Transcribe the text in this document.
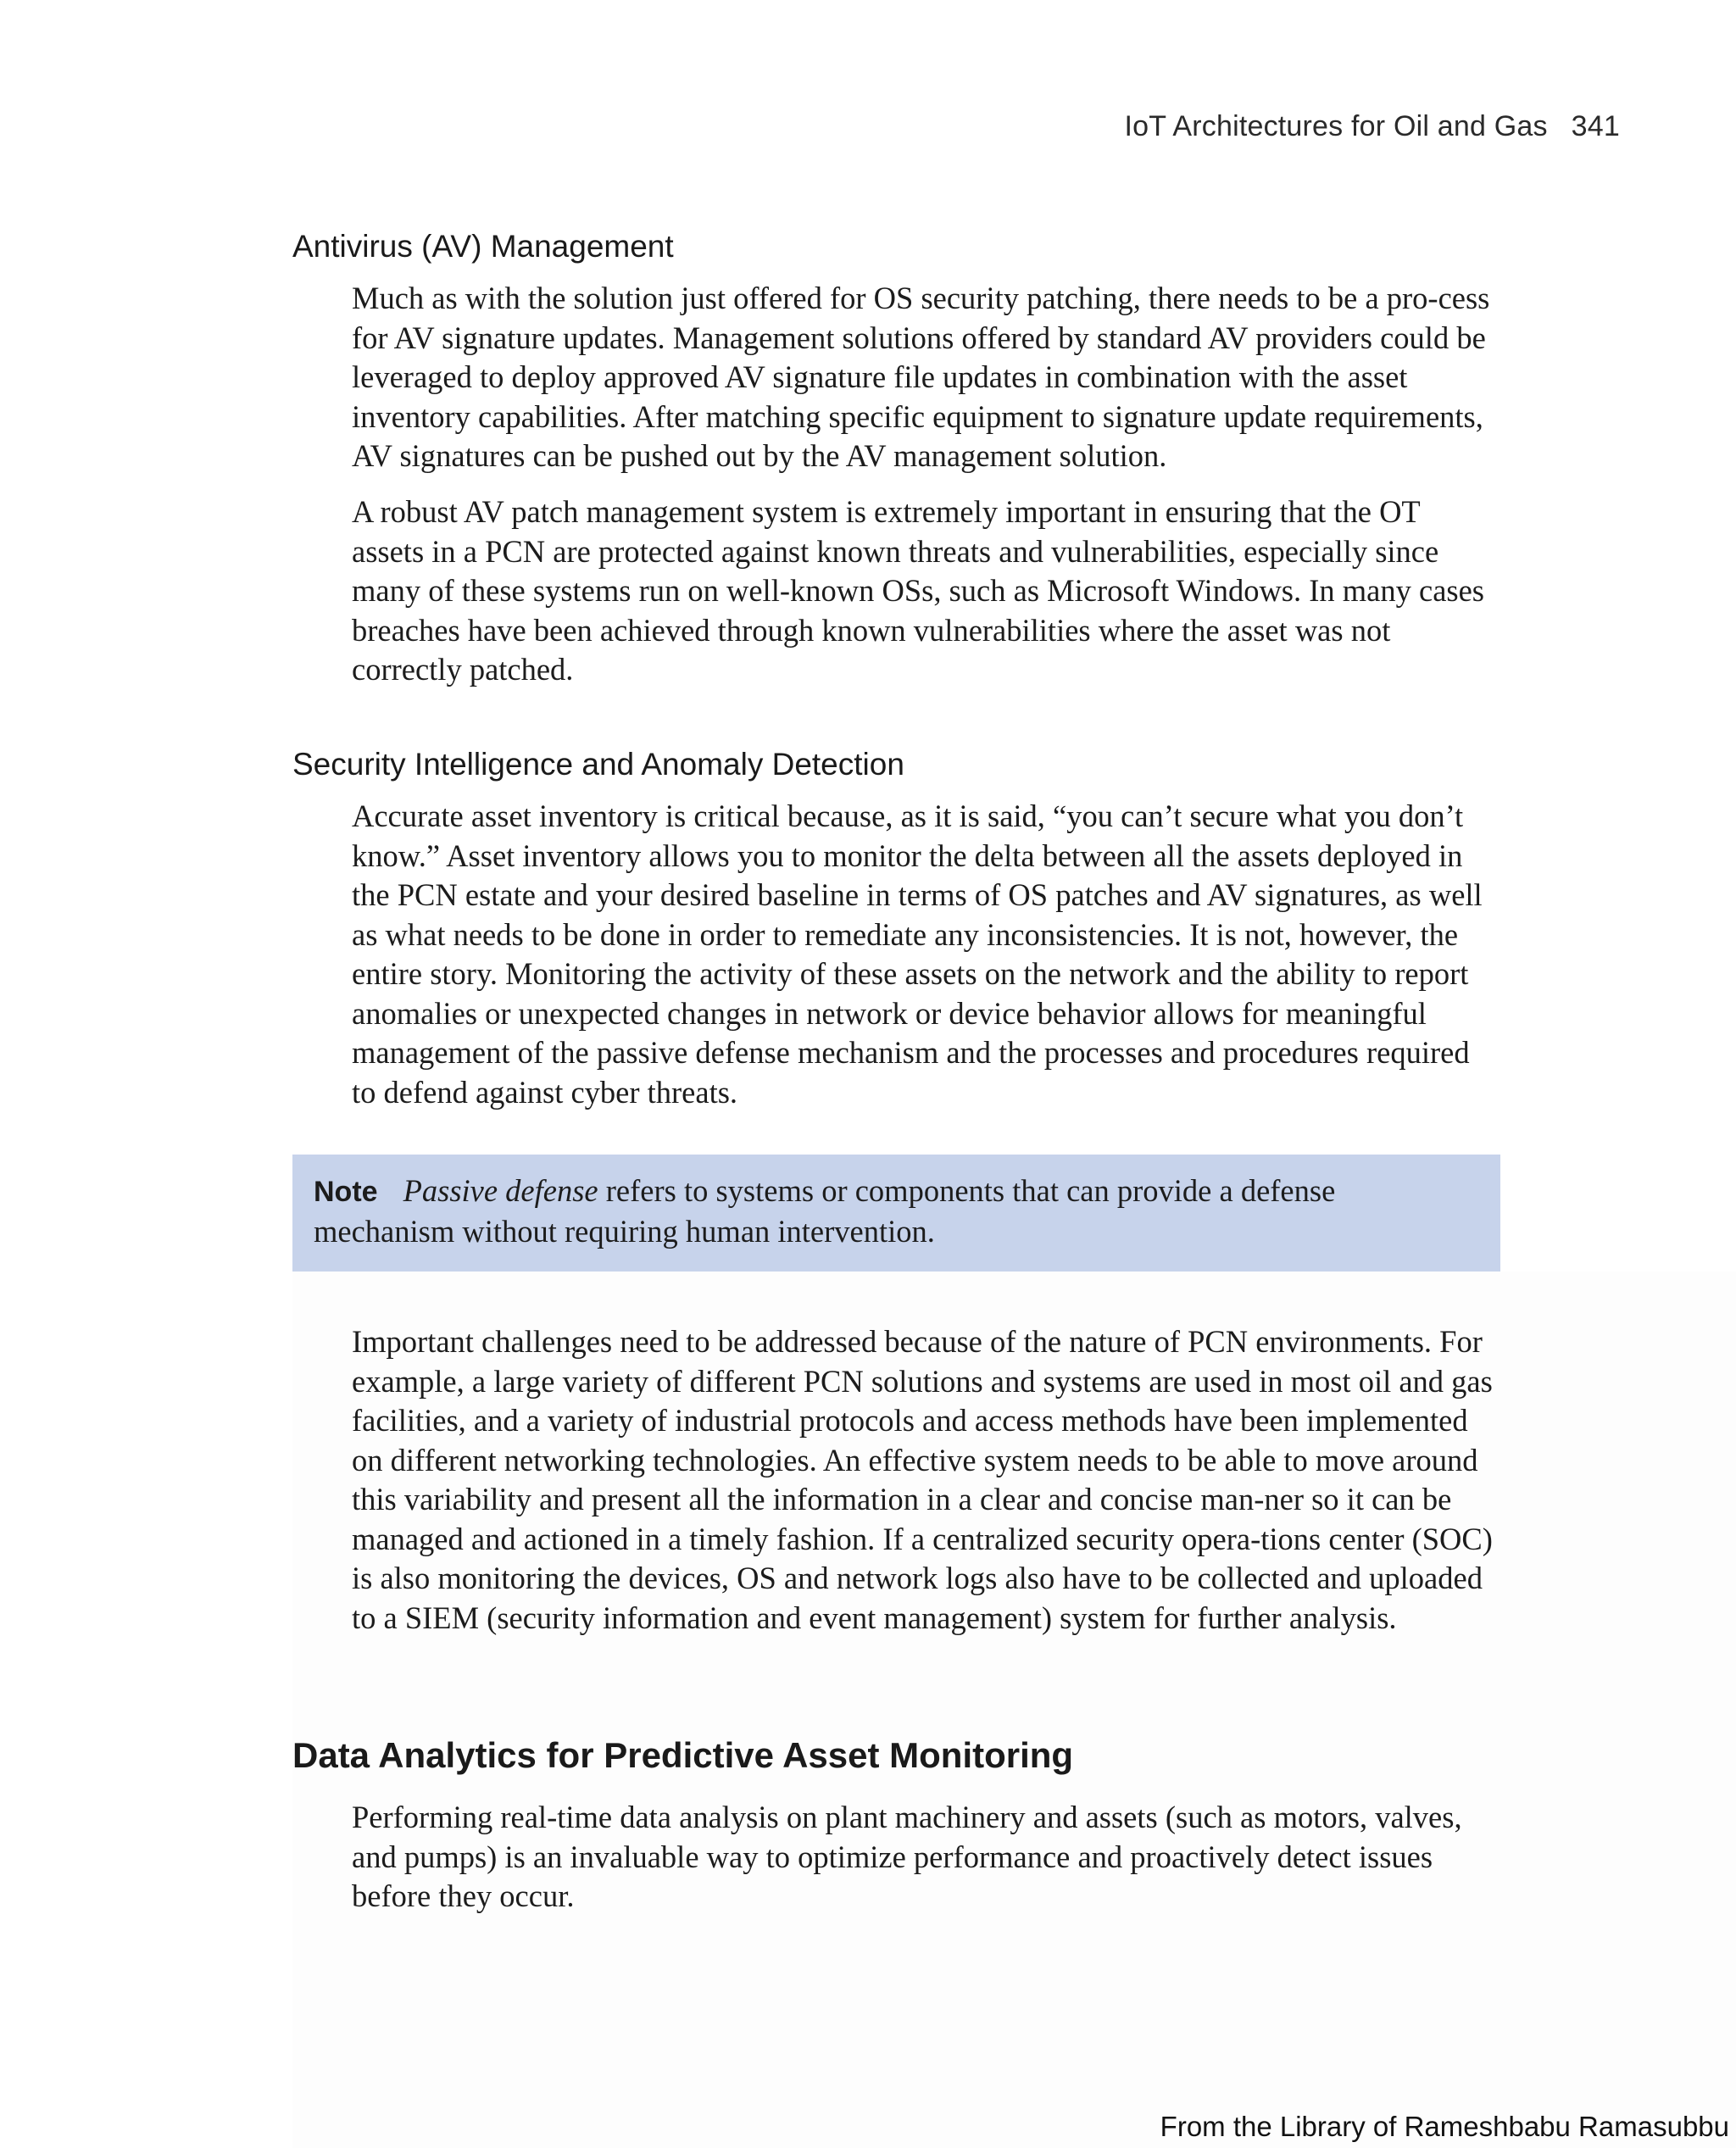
IoT Architectures for Oil and Gas 341
Antivirus (AV) Management

Much as with the solution just offered for OS security patching, there needs to be a pro-cess for AV signature updates. Management solutions offered by standard AV providers could be leveraged to deploy approved AV signature file updates in combination with the asset inventory capabilities. After matching specific equipment to signature update requirements, AV signatures can be pushed out by the AV management solution.

A robust AV patch management system is extremely important in ensuring that the OT assets in a PCN are protected against known threats and vulnerabilities, especially since many of these systems run on well-known OSs, such as Microsoft Windows. In many cases breaches have been achieved through known vulnerabilities where the asset was not correctly patched.

Security Intelligence and Anomaly Detection

Accurate asset inventory is critical because, as it is said, “you can’t secure what you don’t know.” Asset inventory allows you to monitor the delta between all the assets deployed in the PCN estate and your desired baseline in terms of OS patches and AV signatures, as well as what needs to be done in order to remediate any inconsistencies. It is not, however, the entire story. Monitoring the activity of these assets on the network and the ability to report anomalies or unexpected changes in network or device behavior allows for meaningful management of the passive defense mechanism and the processes and procedures required to defend against cyber threats.

Note Passive defense refers to systems or components that can provide a defense mechanism without requiring human intervention.

Important challenges need to be addressed because of the nature of PCN environments. For example, a large variety of different PCN solutions and systems are used in most oil and gas facilities, and a variety of industrial protocols and access methods have been implemented on different networking technologies. An effective system needs to be able to move around this variability and present all the information in a clear and concise man-ner so it can be managed and actioned in a timely fashion. If a centralized security opera-tions center (SOC) is also monitoring the devices, OS and network logs also have to be collected and uploaded to a SIEM (security information and event management) system for further analysis.

Data Analytics for Predictive Asset Monitoring

Performing real-time data analysis on plant machinery and assets (such as motors, valves, and pumps) is an invaluable way to optimize performance and proactively detect issues before they occur.

From the Library of Rameshbabu Ramasubbu
